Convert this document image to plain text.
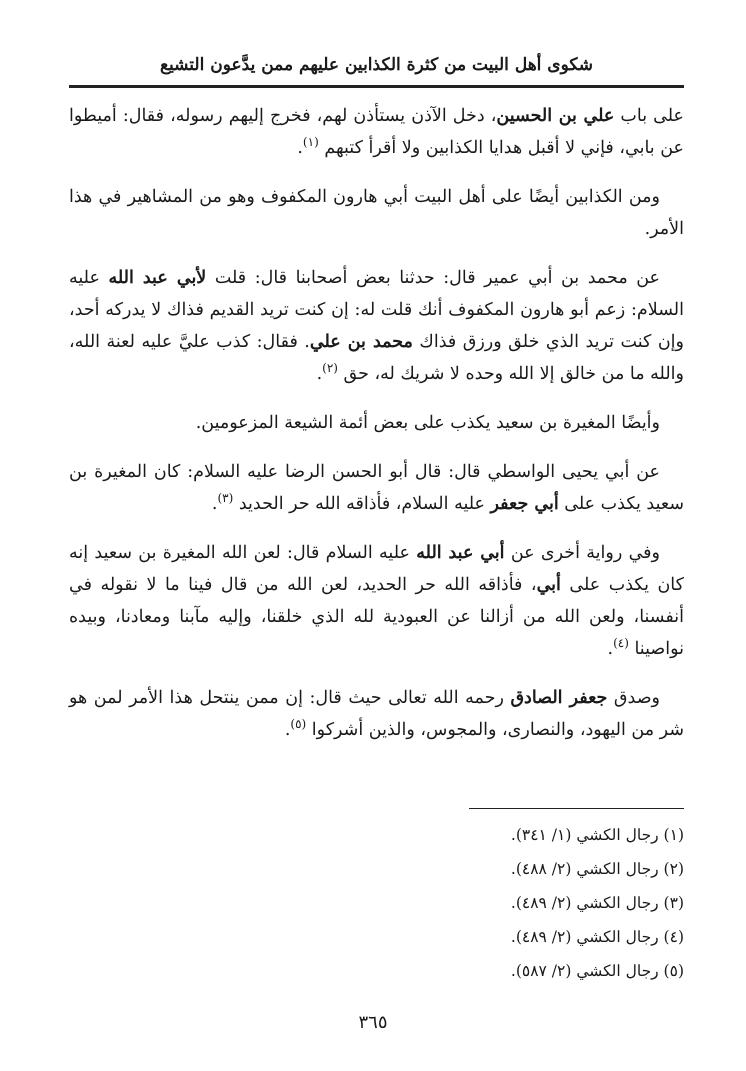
شكوى أهل البيت من كثرة الكذابين عليهم ممن يدَّعون التشيع

على باب علي بن الحسين، دخل الآذن يستأذن لهم، فخرج إليهم رسوله، فقال: أميطوا عن بابي، فإني لا أقبل هدايا الكذابين ولا أقرأ كتبهم $^{(١)}$.

ومن الكذابين أيضًا على أهل البيت أبي هارون المكفوف وهو من المشاهير في هذا الأمر.

عن محمد بن أبي عمير قال: حدثنا بعض أصحابنا قال: قلت لأبي عبد الله عليه السلام: زعم أبو هارون المكفوف أنك قلت له: إن كنت تريد القديم فذاك لا يدركه أحد، وإن كنت تريد الذي خلق ورزق فذاك محمد بن علي. فقال: كذب عليَّ عليه لعنة الله، والله ما من خالق إلا الله وحده لا شريك له، حق $^{(٢)}$.

وأيضًا المغيرة بن سعيد يكذب على بعض أئمة الشيعة المزعومين.

عن أبي يحيى الواسطي قال: قال أبو الحسن الرضا عليه السلام: كان المغيرة بن سعيد يكذب على أبي جعفر عليه السلام، فأذاقه الله حر الحديد $^{(٣)}$.

وفي رواية أخرى عن أبي عبد الله عليه السلام قال: لعن الله المغيرة بن سعيد إنه كان يكذب على أبي، فأذاقه الله حر الحديد، لعن الله من قال فينا ما لا نقوله في أنفسنا، ولعن الله من أزالنا عن العبودية لله الذي خلقنا، وإليه مآبنا ومعادنا، وبيده نواصينا $^{(٤)}$.

وصدق جعفر الصادق رحمه الله تعالى حيث قال: إن ممن ينتحل هذا الأمر لمن هو شر من اليهود، والنصارى، والمجوس، والذين أشركوا $^{(٥)}$.

(١) رجال الكشي (١/ ٣٤١).
(٢) رجال الكشي (٢/ ٤٨٨).
(٣) رجال الكشي (٢/ ٤٨٩).
(٤) رجال الكشي (٢/ ٤٨٩).
(٥) رجال الكشي (٢/ ٥٨٧).
٣٦٥
